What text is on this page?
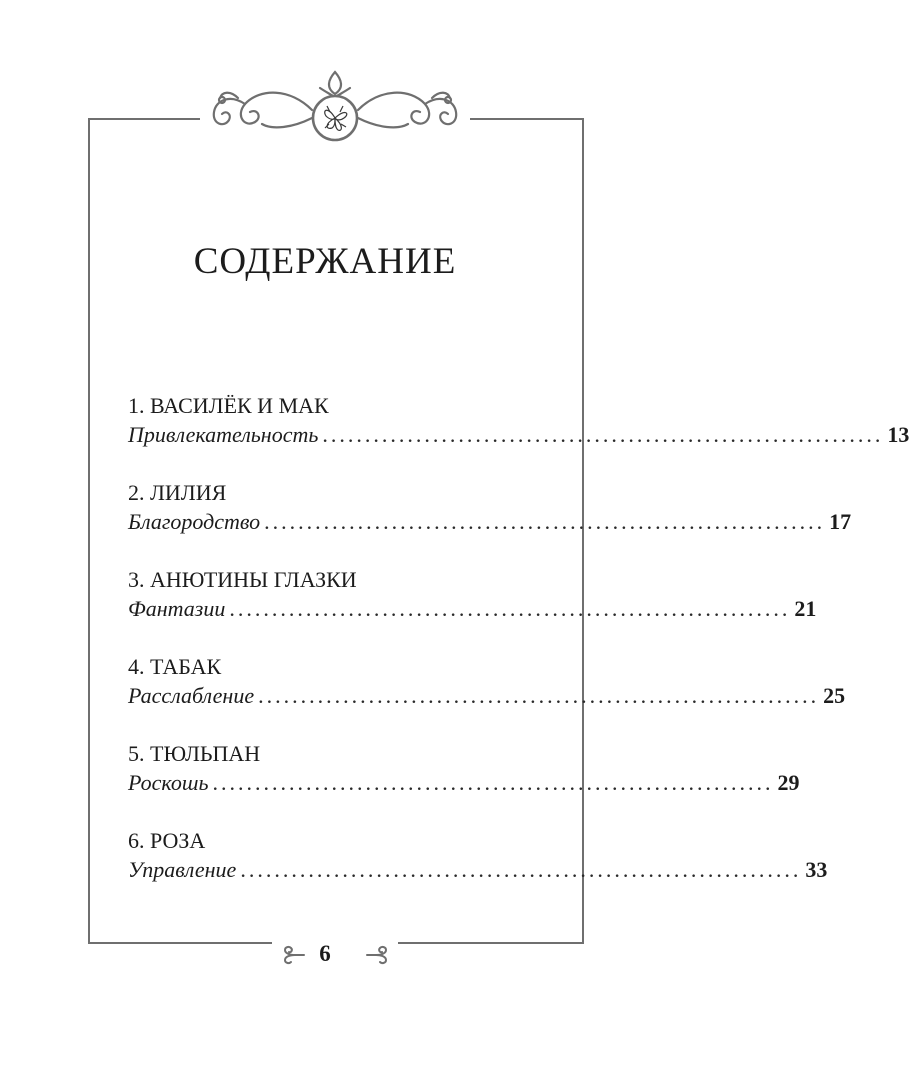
СОДЕРЖАНИЕ
1. ВАСИЛЁК И МАК
Привлекательность .................................................................. 13
2. ЛИЛИЯ
Благородство .................................................................. 17
3. АНЮТИНЫ ГЛАЗКИ
Фантазии .................................................................. 21
4. ТАБАК
Расслабление .................................................................. 25
5. ТЮЛЬПАН
Роскошь .................................................................. 29
6. РОЗА
Управление .................................................................. 33
6
